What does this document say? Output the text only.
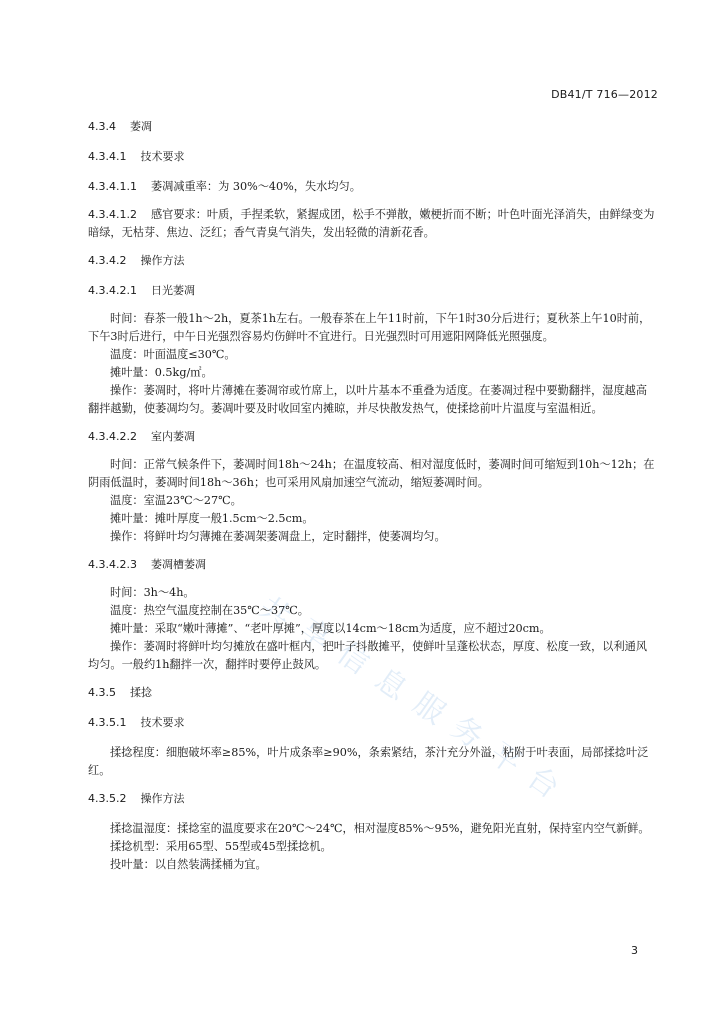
DB41/T 716—2012
共
享
信
息
服
务
平
台
4.3.4 萎凋
4.3.4.1 技术要求

4.3.4.1.1 萎凋减重率：为 30%～40%，失水均匀。

4.3.4.1.2 感官要求：叶质，手捏柔软，紧握成团，松手不弹散，嫩梗折而不断；叶色叶面光泽消失，由鲜绿变为暗绿，无枯芽、焦边、泛红；香气青臭气消失，发出轻微的清新花香。

4.3.4.2 操作方法
4.3.4.2.1 日光萎凋

时间：春茶一般1h～2h，夏茶1h左右。一般春茶在上午11时前，下午1时30分后进行；夏秋茶上午10时前，下午3时后进行，中午日光强烈容易灼伤鲜叶不宜进行。日光强烈时可用遮阳网降低光照强度。

温度：叶面温度≤30℃。

摊叶量：0.5kg/㎡。

操作：萎凋时，将叶片薄摊在萎凋帘或竹席上，以叶片基本不重叠为适度。在萎凋过程中要勤翻拌，湿度越高翻拌越勤，使萎凋均匀。萎凋叶要及时收回室内摊晾，并尽快散发热气，使揉捻前叶片温度与室温相近。

4.3.4.2.2 室内萎凋

时间：正常气候条件下，萎凋时间18h～24h；在温度较高、相对湿度低时，萎凋时间可缩短到10h～12h；在阴雨低温时，萎凋时间18h～36h；也可采用风扇加速空气流动，缩短萎凋时间。

温度：室温23℃～27℃。

摊叶量：摊叶厚度一般1.5cm～2.5cm。

操作：将鲜叶均匀薄摊在萎凋架萎凋盘上，定时翻拌，使萎凋均匀。

4.3.4.2.3 萎凋槽萎凋

时间：3h～4h。

温度：热空气温度控制在35℃～37℃。

摊叶量：采取“嫩叶薄摊”、“老叶厚摊”，厚度以14cm～18cm为适度，应不超过20cm。

操作：萎凋时将鲜叶均匀摊放在盛叶框内，把叶子抖散摊平，使鲜叶呈蓬松状态，厚度、松度一致，以利通风均匀。一般约1h翻拌一次，翻拌时要停止鼓风。

4.3.5 揉捻
4.3.5.1 技术要求

揉捻程度：细胞破坏率≥85%，叶片成条率≥90%，条索紧结，茶汁充分外溢，粘附于叶表面，局部揉捻叶泛红。

4.3.5.2 操作方法

揉捻温湿度：揉捻室的温度要求在20℃～24℃，相对湿度85%～95%，避免阳光直射，保持室内空气新鲜。

揉捻机型：采用65型、55型或45型揉捻机。

投叶量：以自然装满揉桶为宜。

3
